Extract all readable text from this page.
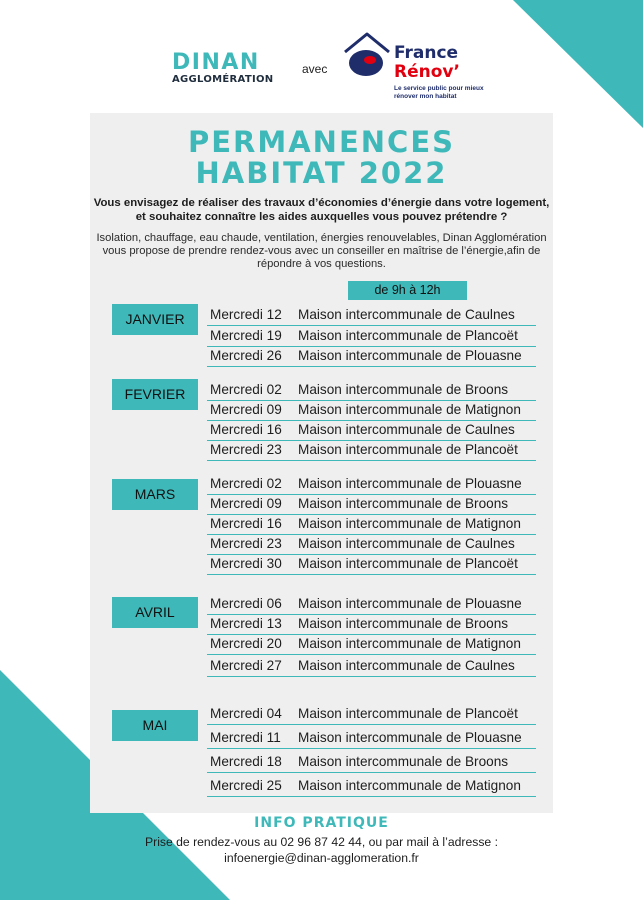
DINAN
AGGLOMÉRATION
avec
France
Rénov’
Le service public pour mieux rénover mon habitat
PERMANENCES
HABITAT 2022
Vous envisagez de réaliser des travaux d’économies d’énergie dans votre logement, et souhaitez connaître les aides auxquelles vous pouvez prétendre ?
Isolation, chauffage, eau chaude, ventilation, énergies renouvelables, Dinan Agglomération vous propose de prendre rendez-vous avec un conseiller en maîtrise de l’énergie,afin de répondre à vos questions.
de 9h à 12h
JANVIER	Mercredi 12 Maison intercommunale de Caulnes
Mercredi 19 Maison intercommunale de Plancoët
Mercredi 26 Maison intercommunale de Plouasne
FEVRIER	Mercredi 02 Maison intercommunale de Broons
Mercredi 09 Maison intercommunale de Matignon
Mercredi 16 Maison intercommunale de Caulnes
Mercredi 23 Maison intercommunale de Plancoët
MARS
Mercredi 02 Maison intercommunale de Plouasne
Mercredi 09 Maison intercommunale de Broons
Mercredi 16 Maison intercommunale de Matignon
Mercredi 23 Maison intercommunale de Caulnes
Mercredi 30 Maison intercommunale de Plancoët
AVRIL
Mercredi 06 Maison intercommunale de Plouasne
Mercredi 13 Maison intercommunale de Broons
Mercredi 20 Maison intercommunale de Matignon
Mercredi 27 Maison intercommunale de Caulnes
MAI
Mercredi 04 Maison intercommunale de Plancoët
Mercredi 11 Maison intercommunale de Plouasne
Mercredi 18 Maison intercommunale de Broons
Mercredi 25 Maison intercommunale de Matignon
INFO PRATIQUE
Prise de rendez-vous au 02 96 87 42 44, ou par mail à l’adresse :
infoenergie@dinan-agglomeration.fr
